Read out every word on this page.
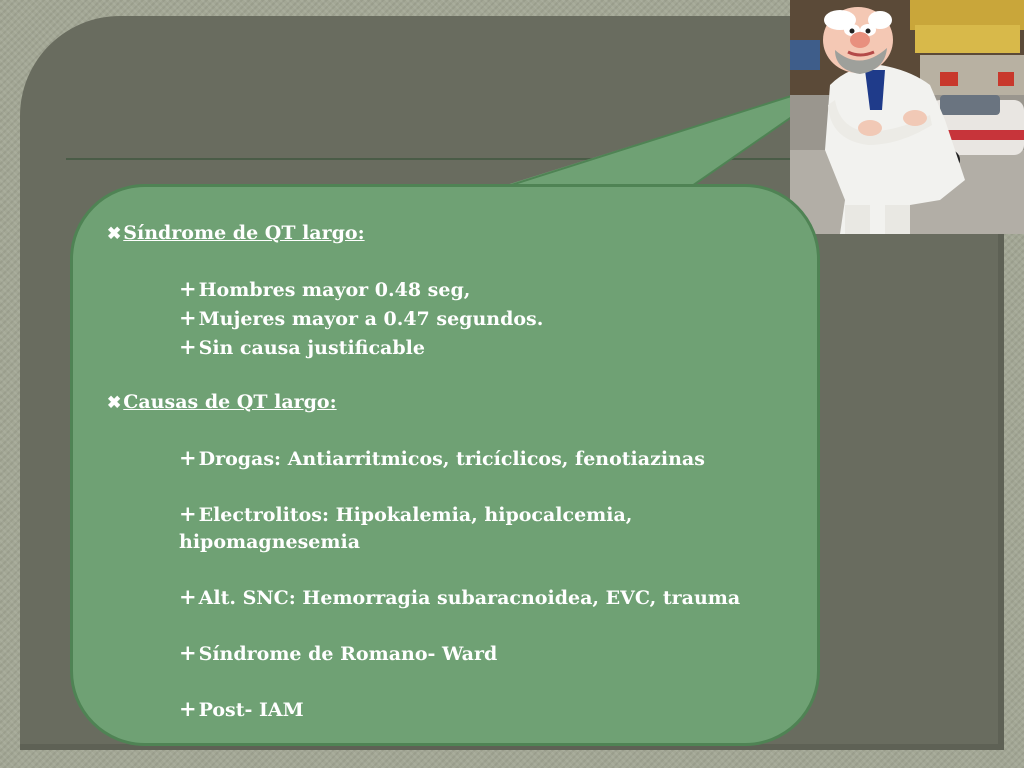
✖ Síndrome de QT largo:
+ Hombres mayor 0.48 seg,
+ Mujeres mayor a 0.47 segundos.
+ Sin causa justificable
✖ Causas de QT largo:
+ Drogas: Antiarritmicos, tricíclicos, fenotiazinas
+ Electrolitos: Hipokalemia, hipocalcemia,
hipomagnesemia
+ Alt. SNC: Hemorragia subaracnoidea, EVC, trauma
+ Síndrome de Romano- Ward
+ Post- IAM
